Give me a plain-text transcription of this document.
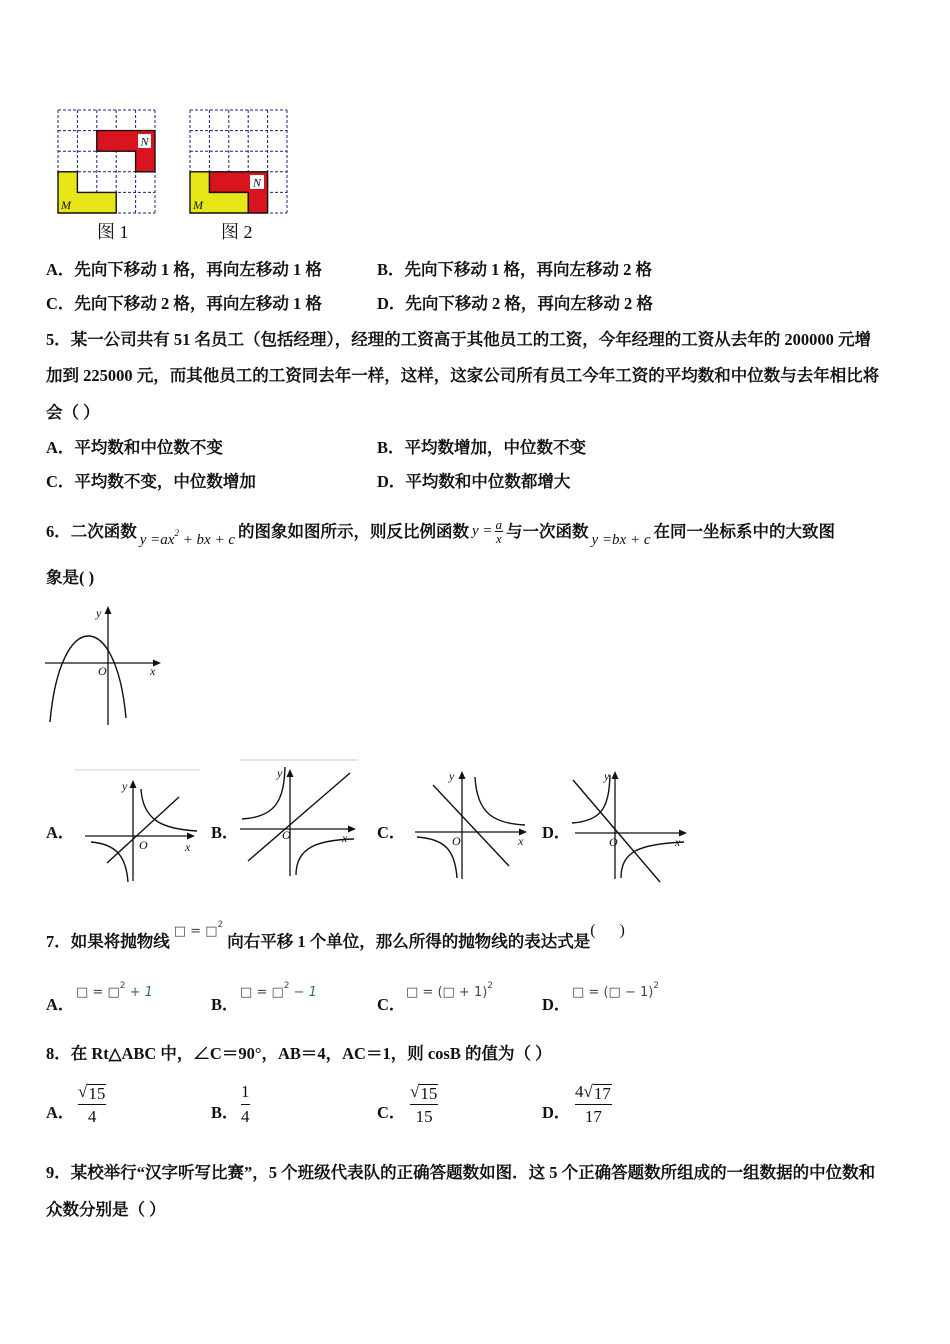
N
M
图 1
N
M
图 2
A． 先向下移动 1 格，再向左移动 1 格	B． 先向下移动 1 格，再向左移动 2 格
C． 先向下移动 2 格，再向左移动 1 格	D． 先向下移动 2 格，再向左移动 2 格
5．某一公司共有 51 名员工（包括经理），经理的工资高于其他员工的工资，今年经理的工资从去年的 200000 元增
加到 225000 元，而其他员工的工资同去年一样，这样，这家公司所有员工今年工资的平均数和中位数与去年相比将
会（ ）
A． 平均数和中位数不变	B． 平均数增加，中位数不变
C． 平均数不变，中位数增加	D． 平均数和中位数都增大
6．二次函数 $y =ax^2$ + bx + c 的图象如图所示，则反比例函数 $y = \frac{a}{x}$ 与一次函数 y =bx + c 在同一坐标系中的大致图
象是( )
y
O	x
A．	B．	C．	D．
y
O	x
y
O	x
y
O	x
y
O	x
7．如果将抛物线
□ = □$^2$
向右平移 1 个单位，那么所得的抛物线的表达式是
(      )
A．
□ = □$^2$ + 1
B．
□ = □$^2$ − 1
C．
□ = (□ + 1)$^2$
D．
□ = (□ − 1)$^2$
8．在 Rt△ABC 中，∠C＝90°，AB＝4，AC＝1，则 cosB 的值为（ ）
A．
√ 15
4	B．
1
4	C．
√ 15
15	D．
4 √ 17
17
9．某校举行“汉字听写比赛”，5 个班级代表队的正确答题数如图．这 5 个正确答题数所组成的一组数据的中位数和
众数分别是（ ）
